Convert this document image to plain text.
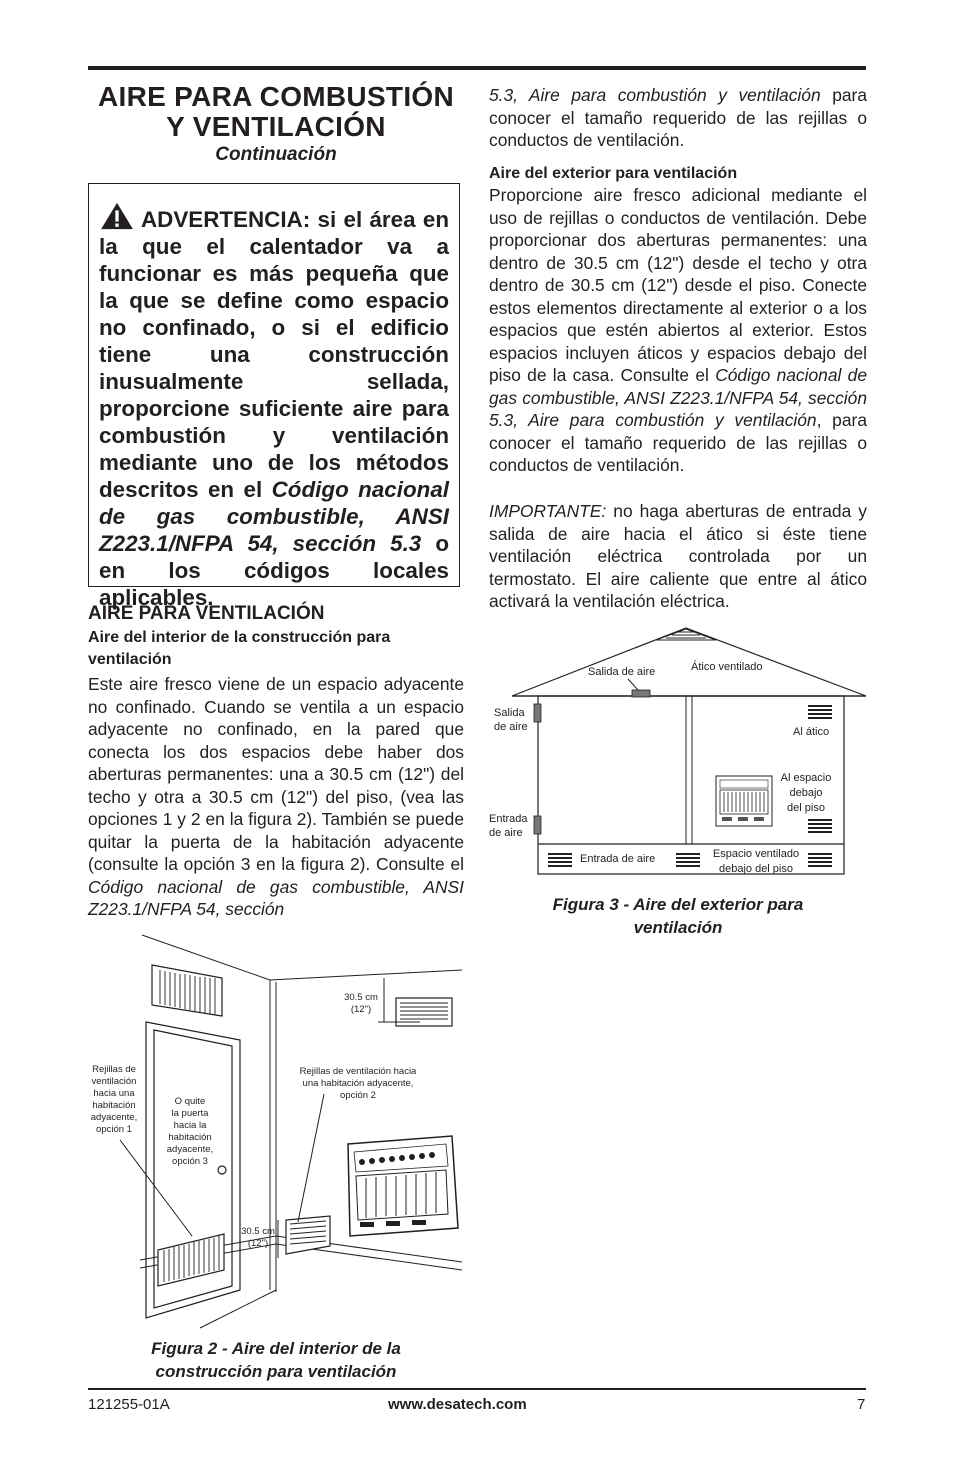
AIRE PARA COMBUSTIÓN
Y VENTILACIÓN
Continuación
ADVERTENCIA: si el área en la que el calentador va a funcionar es más pequeña que la que se define como espacio no confinado, o si el edificio tiene una construcción inusualmente sellada, proporcione suficiente aire para combustión y ventilación mediante uno de los métodos descritos en el Código nacional de gas combustible, ANSI Z223.1/NFPA 54, sección 5.3 o en los códigos locales aplicables.
AIRE PARA VENTILACIÓN
Aire del interior de la construcción para ventilación
Este aire fresco viene de un espacio adyacente no confinado. Cuando se ventila a un espacio adyacente no confinado, en la pared que conecta los dos espacios debe haber dos aberturas permanentes: una a 30.5 cm (12") del techo y otra a 30.5 cm (12") del piso, (vea las opciones 1 y 2 en la figura 2). También se puede quitar la puerta de la habitación adyacente (consulte la opción 3 en la figura 2). Consulte el Código nacional de gas combustible, ANSI Z223.1/NFPA 54, sección
5.3, Aire para combustión y ventilación para conocer el tamaño requerido de las rejillas o conductos de ventilación.
Aire del exterior para ventilación
Proporcione aire fresco adicional mediante el uso de rejillas o conductos de ventilación. Debe proporcionar dos aberturas permanentes: una dentro de 30.5 cm (12") desde el techo y otra dentro de 30.5 cm (12") desde el piso. Conecte estos elementos directamente al exterior o a los espacios que estén abiertos al exterior. Estos espacios incluyen áticos y espacios debajo del piso de la casa. Consulte el Código nacional de gas combustible, ANSI Z223.1/NFPA 54, sección 5.3, Aire para combustión y ventilación, para conocer el tamaño requerido de las rejillas o conductos de ventilación.
IMPORTANTE: no haga aberturas de entrada y salida de aire hacia el ático si éste tiene ventilación eléctrica controlada por un termostato. El aire caliente que entre al ático activará la ventilación eléctrica.
Salida de aire	Ático ventilado
Salida
de aire	Al ático
Al espacio
debajo
del piso
Entrada
de aire
Entrada de aire	Espacio ventilado
debajo del piso
Figura 3 - Aire del exterior para
ventilación
30.5 cm
(12")
Rejillas de
ventilación
hacia una
habitación
adyacente,
opción 1
O quite
la puerta
hacia la
habitación
adyacente,
opción 3
Rejillas de ventilación hacia
una habitación adyacente,
opción 2
30.5 cm
(12")
Figura 2 - Aire del interior de la
construcción para ventilación
121255-01A	www.desatech.com	7
